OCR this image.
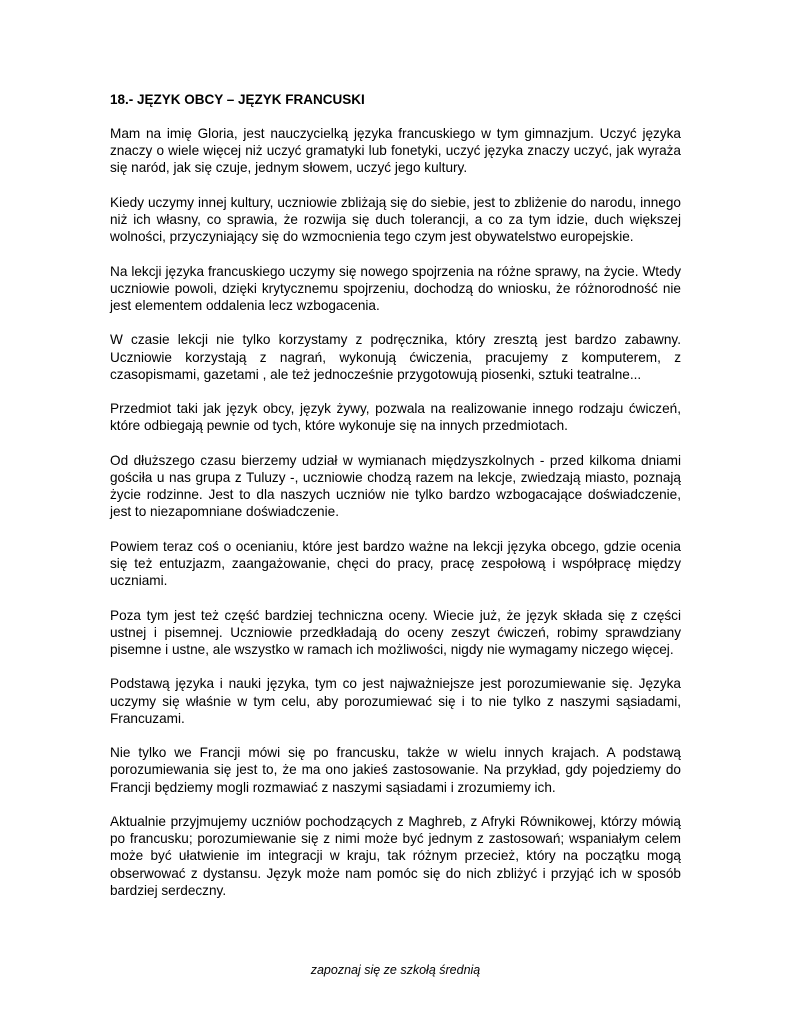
18.- JĘZYK OBCY – JĘZYK FRANCUSKI

Mam na imię Gloria, jest nauczycielką języka francuskiego w tym gimnazjum. Uczyć języka znaczy o wiele więcej niż uczyć gramatyki lub fonetyki, uczyć języka znaczy uczyć, jak wyraża się naród, jak się czuje, jednym słowem, uczyć jego kultury.

Kiedy uczymy innej kultury, uczniowie zbliżają się do siebie, jest to zbliżenie do narodu, innego niż ich własny, co sprawia, że rozwija się duch tolerancji, a co za tym idzie, duch większej wolności, przyczyniający się do wzmocnienia tego czym jest obywatelstwo europejskie.

Na lekcji języka francuskiego uczymy się nowego spojrzenia na różne sprawy, na życie. Wtedy uczniowie powoli, dzięki krytycznemu spojrzeniu, dochodzą do wniosku, że różnorodność nie jest elementem oddalenia lecz wzbogacenia.

W czasie lekcji nie tylko korzystamy z podręcznika, który zresztą jest bardzo zabawny. Uczniowie korzystają z nagrań, wykonują ćwiczenia, pracujemy z komputerem, z czasopismami, gazetami , ale też jednocześnie przygotowują piosenki, sztuki teatralne...

Przedmiot taki jak język obcy, język żywy, pozwala na realizowanie innego rodzaju ćwiczeń, które odbiegają pewnie od tych, które wykonuje się na innych przedmiotach.

Od dłuższego czasu bierzemy udział w wymianach międzyszkolnych - przed kilkoma dniami gościła u nas grupa z Tuluzy -, uczniowie chodzą razem na lekcje, zwiedzają miasto, poznają życie rodzinne. Jest to dla naszych uczniów nie tylko bardzo wzbogacające doświadczenie, jest to niezapomniane doświadczenie.

Powiem teraz coś o ocenianiu, które jest bardzo ważne na lekcji języka obcego, gdzie ocenia się też entuzjazm, zaangażowanie, chęci do pracy, pracę zespołową i współpracę między uczniami.

Poza tym jest też część bardziej techniczna oceny. Wiecie już, że język składa się z części ustnej i pisemnej. Uczniowie przedkładają do oceny zeszyt ćwiczeń, robimy sprawdziany pisemne i ustne, ale wszystko w ramach ich możliwości, nigdy nie wymagamy niczego więcej.

Podstawą języka i nauki języka, tym co jest najważniejsze jest porozumiewanie się. Języka uczymy się właśnie w tym celu, aby porozumiewać się i to nie tylko z naszymi sąsiadami, Francuzami.

Nie tylko we Francji mówi się po francusku, także w wielu innych krajach. A podstawą porozumiewania się jest to, że ma ono jakieś zastosowanie. Na przykład, gdy pojedziemy do Francji będziemy mogli rozmawiać z naszymi sąsiadami i zrozumiemy ich.

Aktualnie przyjmujemy uczniów pochodzących z Maghreb, z Afryki Równikowej, którzy mówią po francusku; porozumiewanie się z nimi może być jednym z zastosowań; wspaniałym celem może być ułatwienie im integracji w kraju, tak różnym przecież, który na początku mogą obserwować z dystansu. Język może nam pomóc się do nich zbliżyć i przyjąć ich w sposób bardziej serdeczny.

zapoznaj się ze szkołą średnią
